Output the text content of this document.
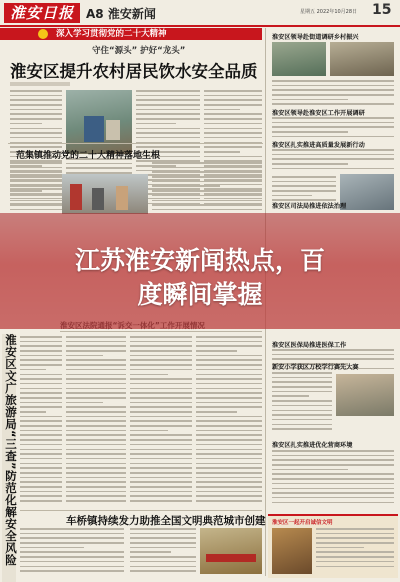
淮安日报	A8 淮安新闻	星期五 2022年10月28日 15
深入学习贯彻党的二十大精神
守住“源头” 护好“龙头”
淮安区提升农村居民饮水安全品质
范集镇推动党的二十大精神落地生根
淮安区领导赴街道调研乡村振兴
淮安区领导赴淮安区工作开展调研
淮安区扎实推进高质量发展新行动
淮安区司法局推进依法治理
淮安区医保局推进医保工作
新安小学获区万校学行赛先大赛
淮安区扎实推进优化营商环境
车桥镇持续发力助推全国文明典范城市创建 淮安区一起开启诚信文明
淮安区文广旅游局“三查”防范化解安全风险
江苏淮安新闻热点，百
度瞬间掌握
